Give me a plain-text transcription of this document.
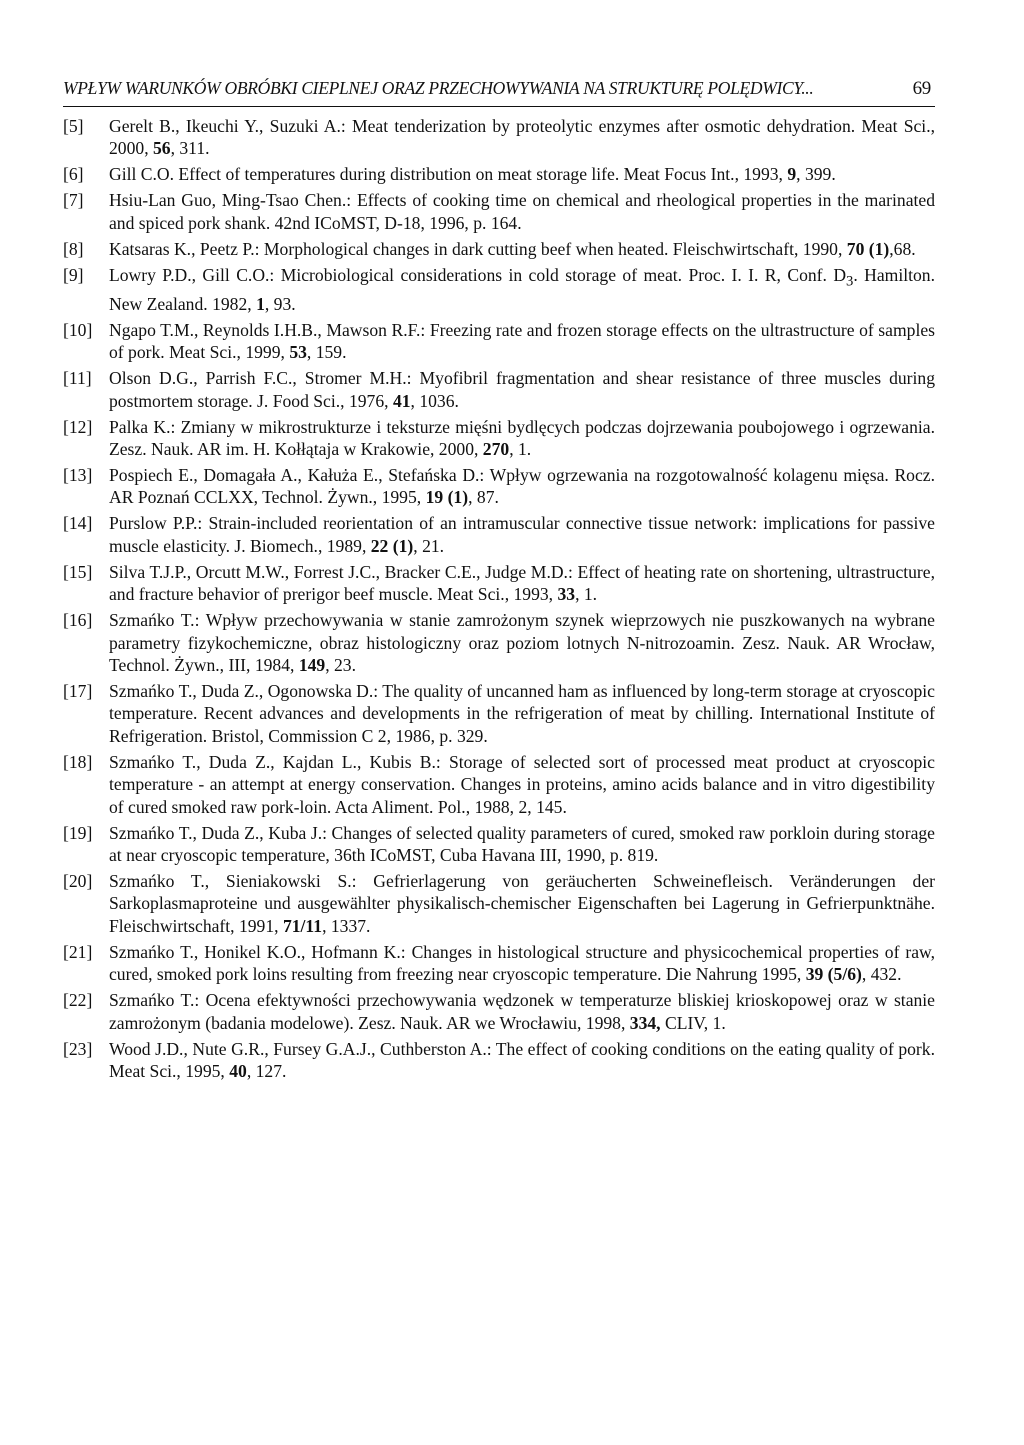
WPŁYW WARUNKÓW OBRÓBKI CIEPLNEJ ORAZ PRZECHOWYWANIA NA STRUKTURĘ POLĘDWICY...	69
[5]	Gerelt B., Ikeuchi Y., Suzuki A.: Meat tenderization by proteolytic enzymes after osmotic dehydration. Meat Sci., 2000, 56, 311.
[6]	Gill C.O. Effect of temperatures during distribution on meat storage life. Meat Focus Int., 1993, 9, 399.
[7]	Hsiu-Lan Guo, Ming-Tsao Chen.: Effects of cooking time on chemical and rheological properties in the marinated and spiced pork shank. 42nd ICoMST, D-18, 1996, p. 164.
[8]	Katsaras K., Peetz P.: Morphological changes in dark cutting beef when heated. Fleischwirtschaft, 1990, 70 (1),68.
[9]	Lowry P.D., Gill C.O.: Microbiological considerations in cold storage of meat. Proc. I. I. R, Conf. $D_3$. Hamilton. New Zealand. 1982, 1, 93.
[10] Ngapo T.M., Reynolds I.H.B., Mawson R.F.: Freezing rate and frozen storage effects on the ultrastructure of samples of pork. Meat Sci., 1999, 53, 159.
[11] Olson D.G., Parrish F.C., Stromer M.H.: Myofibril fragmentation and shear resistance of three muscles during postmortem storage. J. Food Sci., 1976, 41, 1036.
[12] Palka K.: Zmiany w mikrostrukturze i teksturze mięśni bydlęcych podczas dojrzewania poubojowego i ogrzewania. Zesz. Nauk. AR im. H. Kołłątaja w Krakowie, 2000, 270, 1.
[13] Pospiech E., Domagała A., Kałuża E., Stefańska D.: Wpływ ogrzewania na rozgotowalność kolagenu mięsa. Rocz. AR Poznań CCLXX, Technol. Żywn., 1995, 19 (1), 87.
[14] Purslow P.P.: Strain-included reorientation of an intramuscular connective tissue network: implications for passive muscle elasticity. J. Biomech., 1989, 22 (1), 21.
[15] Silva T.J.P., Orcutt M.W., Forrest J.C., Bracker C.E., Judge M.D.: Effect of heating rate on shortening, ultrastructure, and fracture behavior of prerigor beef muscle. Meat Sci., 1993, 33, 1.
[16] Szmańko T.: Wpływ przechowywania w stanie zamrożonym szynek wieprzowych nie puszkowanych na wybrane parametry fizykochemiczne, obraz histologiczny oraz poziom lotnych N-nitrozoamin. Zesz. Nauk. AR Wrocław, Technol. Żywn., III, 1984, 149, 23.
[17] Szmańko T., Duda Z., Ogonowska D.: The quality of uncanned ham as influenced by long-term storage at cryoscopic temperature. Recent advances and developments in the refrigeration of meat by chilling. International Institute of Refrigeration. Bristol, Commission C 2, 1986, p. 329.
[18] Szmańko T., Duda Z., Kajdan L., Kubis B.: Storage of selected sort of processed meat product at cryoscopic temperature - an attempt at energy conservation. Changes in proteins, amino acids balance and in vitro digestibility of cured smoked raw pork-loin. Acta Aliment. Pol., 1988, 2, 145.
[19] Szmańko T., Duda Z., Kuba J.: Changes of selected quality parameters of cured, smoked raw porkloin during storage at near cryoscopic temperature, 36th ICoMST, Cuba Havana III, 1990, p. 819.
[20] Szmańko T., Sieniakowski S.: Gefrierlagerung von geräucherten Schweinefleisch. Veränderungen der Sarkoplasmaproteine und ausgewählter physikalisch-chemischer Eigenschaften bei Lagerung in Gefrierpunktnähe. Fleischwirtschaft, 1991, 71/11, 1337.
[21] Szmańko T., Honikel K.O., Hofmann K.: Changes in histological structure and physicochemical properties of raw, cured, smoked pork loins resulting from freezing near cryoscopic temperature. Die Nahrung 1995, 39 (5/6), 432.
[22] Szmańko T.: Ocena efektywności przechowywania wędzonek w temperaturze bliskiej krioskopowej oraz w stanie zamrożonym (badania modelowe). Zesz. Nauk. AR we Wrocławiu, 1998, 334, CLIV, 1.
[23] Wood J.D., Nute G.R., Fursey G.A.J., Cuthberston A.: The effect of cooking conditions on the eating quality of pork. Meat Sci., 1995, 40, 127.
